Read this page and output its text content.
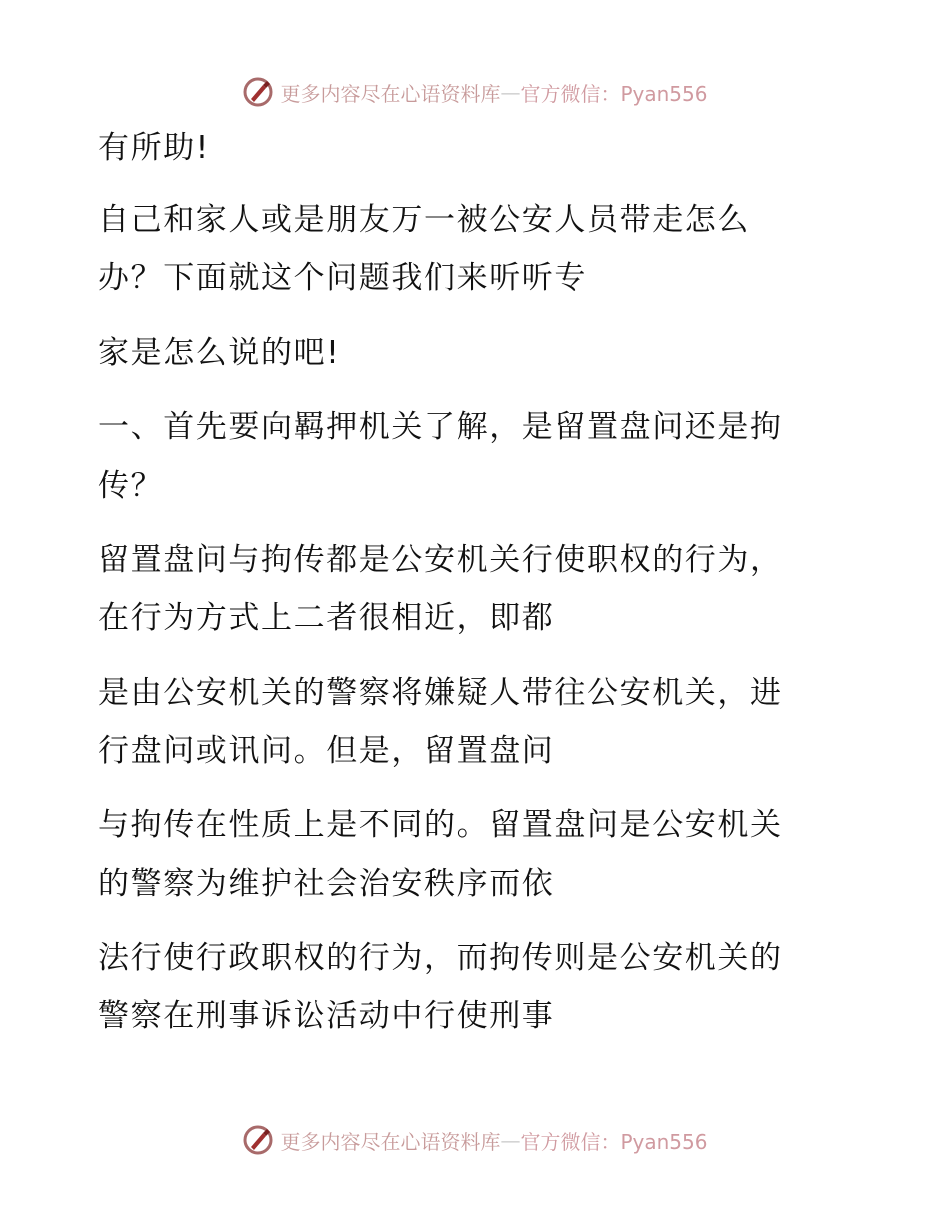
更多内容尽在心语资料库 — 官方微信：Pyan556
有所助!
自己和家人或是朋友万一被公安人员带走怎么
办？下面就这个问题我们来听听专
家是怎么说的吧!
一、首先要向羁押机关了解，是留置盘问还是拘
传？
留置盘问与拘传都是公安机关行使职权的行为，
在行为方式上二者很相近，即都
是由公安机关的警察将嫌疑人带往公安机关，进
行盘问或讯问。但是，留置盘问
与拘传在性质上是不同的。留置盘问是公安机关
的警察为维护社会治安秩序而依
法行使行政职权的行为，而拘传则是公安机关的
警察在刑事诉讼活动中行使刑事
更多内容尽在心语资料库 — 官方微信：Pyan556
